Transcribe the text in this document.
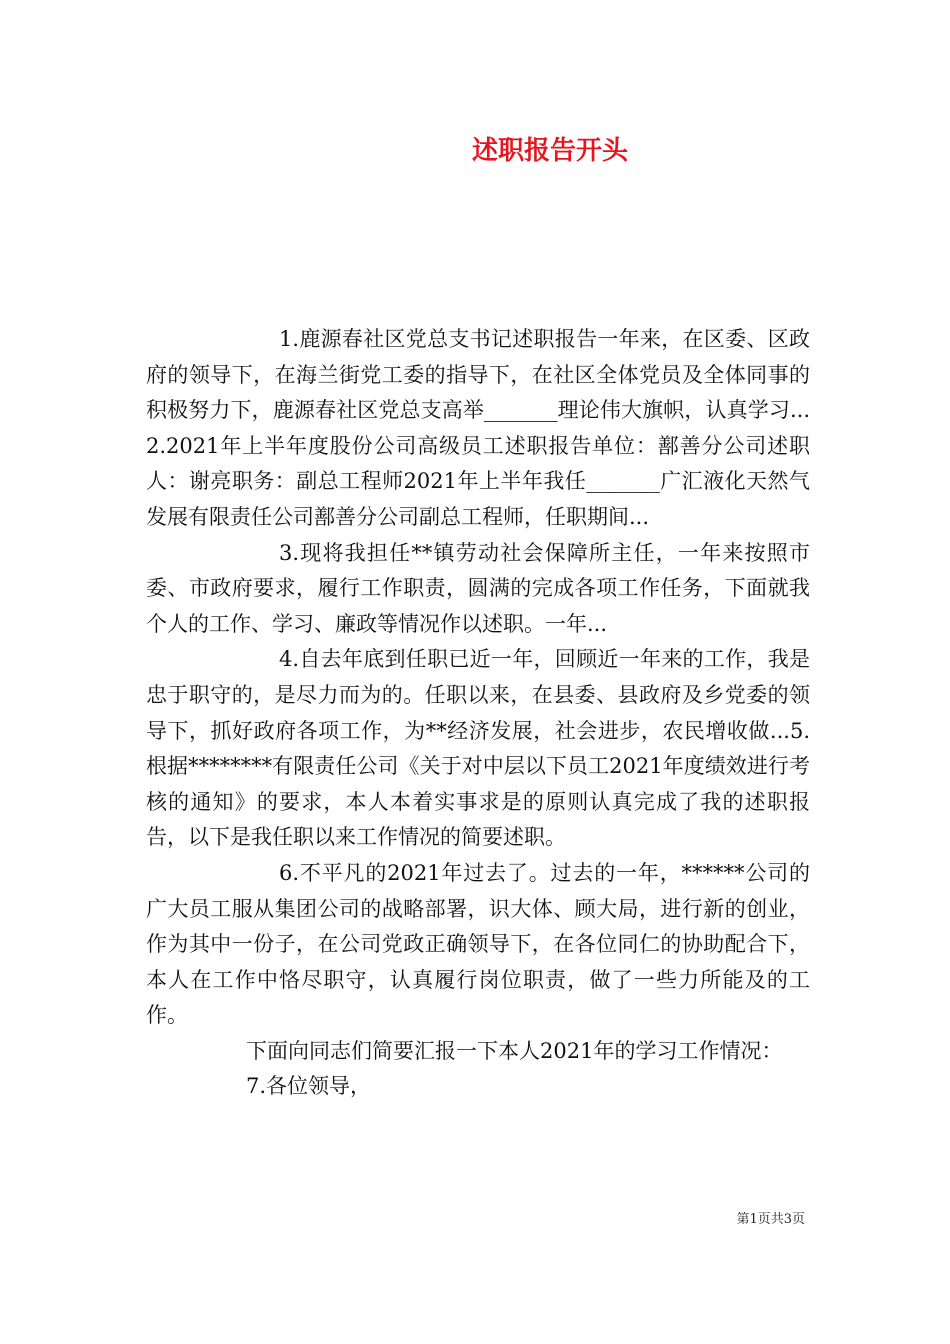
述职报告开头

1.鹿源春社区党总支书记述职报告一年来，在区委、区政府的领导下，在海兰街党工委的指导下，在社区全体党员及全体同事的积极努力下，鹿源春社区党总支高举_______理论伟大旗帜，认真学习...2.2021年上半年度股份公司高级员工述职报告单位：鄯善分公司述职人：谢亮职务：副总工程师2021年上半年我任_______广汇液化天然气发展有限责任公司鄯善分公司副总工程师，任职期间...

3.现将我担任**镇劳动社会保障所主任，一年来按照市委、市政府要求，履行工作职责，圆满的完成各项工作任务，下面就我个人的工作、学习、廉政等情况作以述职。一年...

4.自去年底到任职已近一年，回顾近一年来的工作，我是忠于职守的，是尽力而为的。任职以来，在县委、县政府及乡党委的领导下，抓好政府各项工作，为**经济发展，社会进步，农民增收做...5.根据********有限责任公司《关于对中层以下员工2021年度绩效进行考核的通知》的要求，本人本着实事求是的原则认真完成了我的述职报告，以下是我任职以来工作情况的简要述职。

6.不平凡的2021年过去了。过去的一年，******公司的广大员工服从集团公司的战略部署，识大体、顾大局，进行新的创业，作为其中一份子，在公司党政正确领导下，在各位同仁的协助配合下，本人在工作中恪尽职守，认真履行岗位职责，做了一些力所能及的工作。

下面向同志们简要汇报一下本人2021年的学习工作情况：

7.各位领导，

第1页共3页
